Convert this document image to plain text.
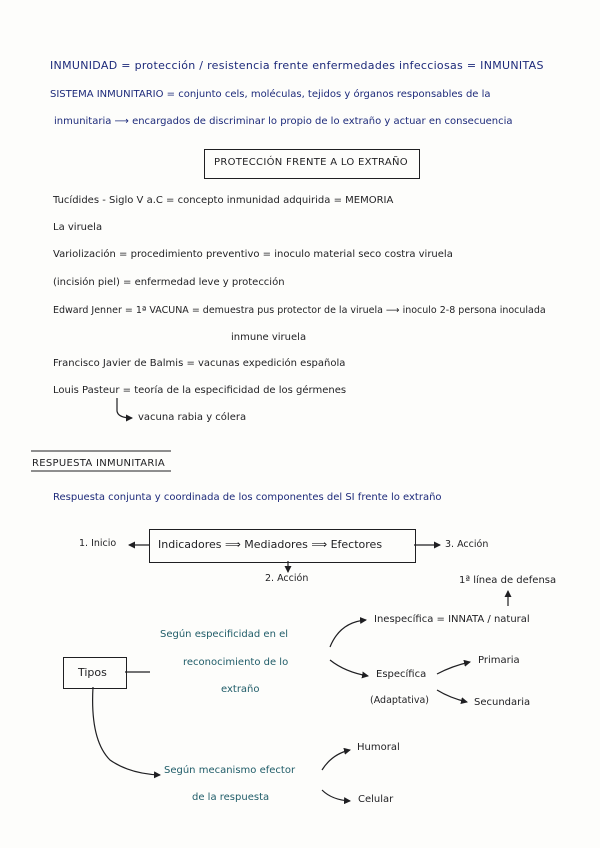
INMUNIDAD = protección / resistencia frente enfermedades infecciosas = INMUNITAS
SISTEMA INMUNITARIO = conjunto cels, moléculas, tejidos y órganos responsables de la
inmunitaria ⟶ encargados de discriminar lo propio de lo extraño y actuar en consecuencia
PROTECCIÓN FRENTE A LO EXTRAÑO
Tucídides - Siglo V a.C = concepto inmunidad adquirida = MEMORIA
La viruela
Variolización = procedimiento preventivo = inoculo material seco costra viruela
(incisión piel) = enfermedad leve y protección
Edward Jenner = 1ª VACUNA = demuestra pus protector de la viruela ⟶ inoculo 2-8 persona inoculada
inmune viruela
Francisco Javier de Balmis = vacunas expedición española
Louis Pasteur = teoría de la especificidad de los gérmenes
vacuna rabia y cólera
RESPUESTA INMUNITARIA
Respuesta conjunta y coordinada de los componentes del SI frente lo extraño
Indicadores ⟹ Mediadores ⟹ Efectores
1. Inicio	3. Acción
2. Acción
Tipos
Según especificidad en el
reconocimiento de lo
extraño
1ª línea de defensa
Inespecífica = INNATA / natural
Específica
(Adaptativa)
Primaria
Secundaria
Según mecanismo efector
de la respuesta
Humoral
Celular
